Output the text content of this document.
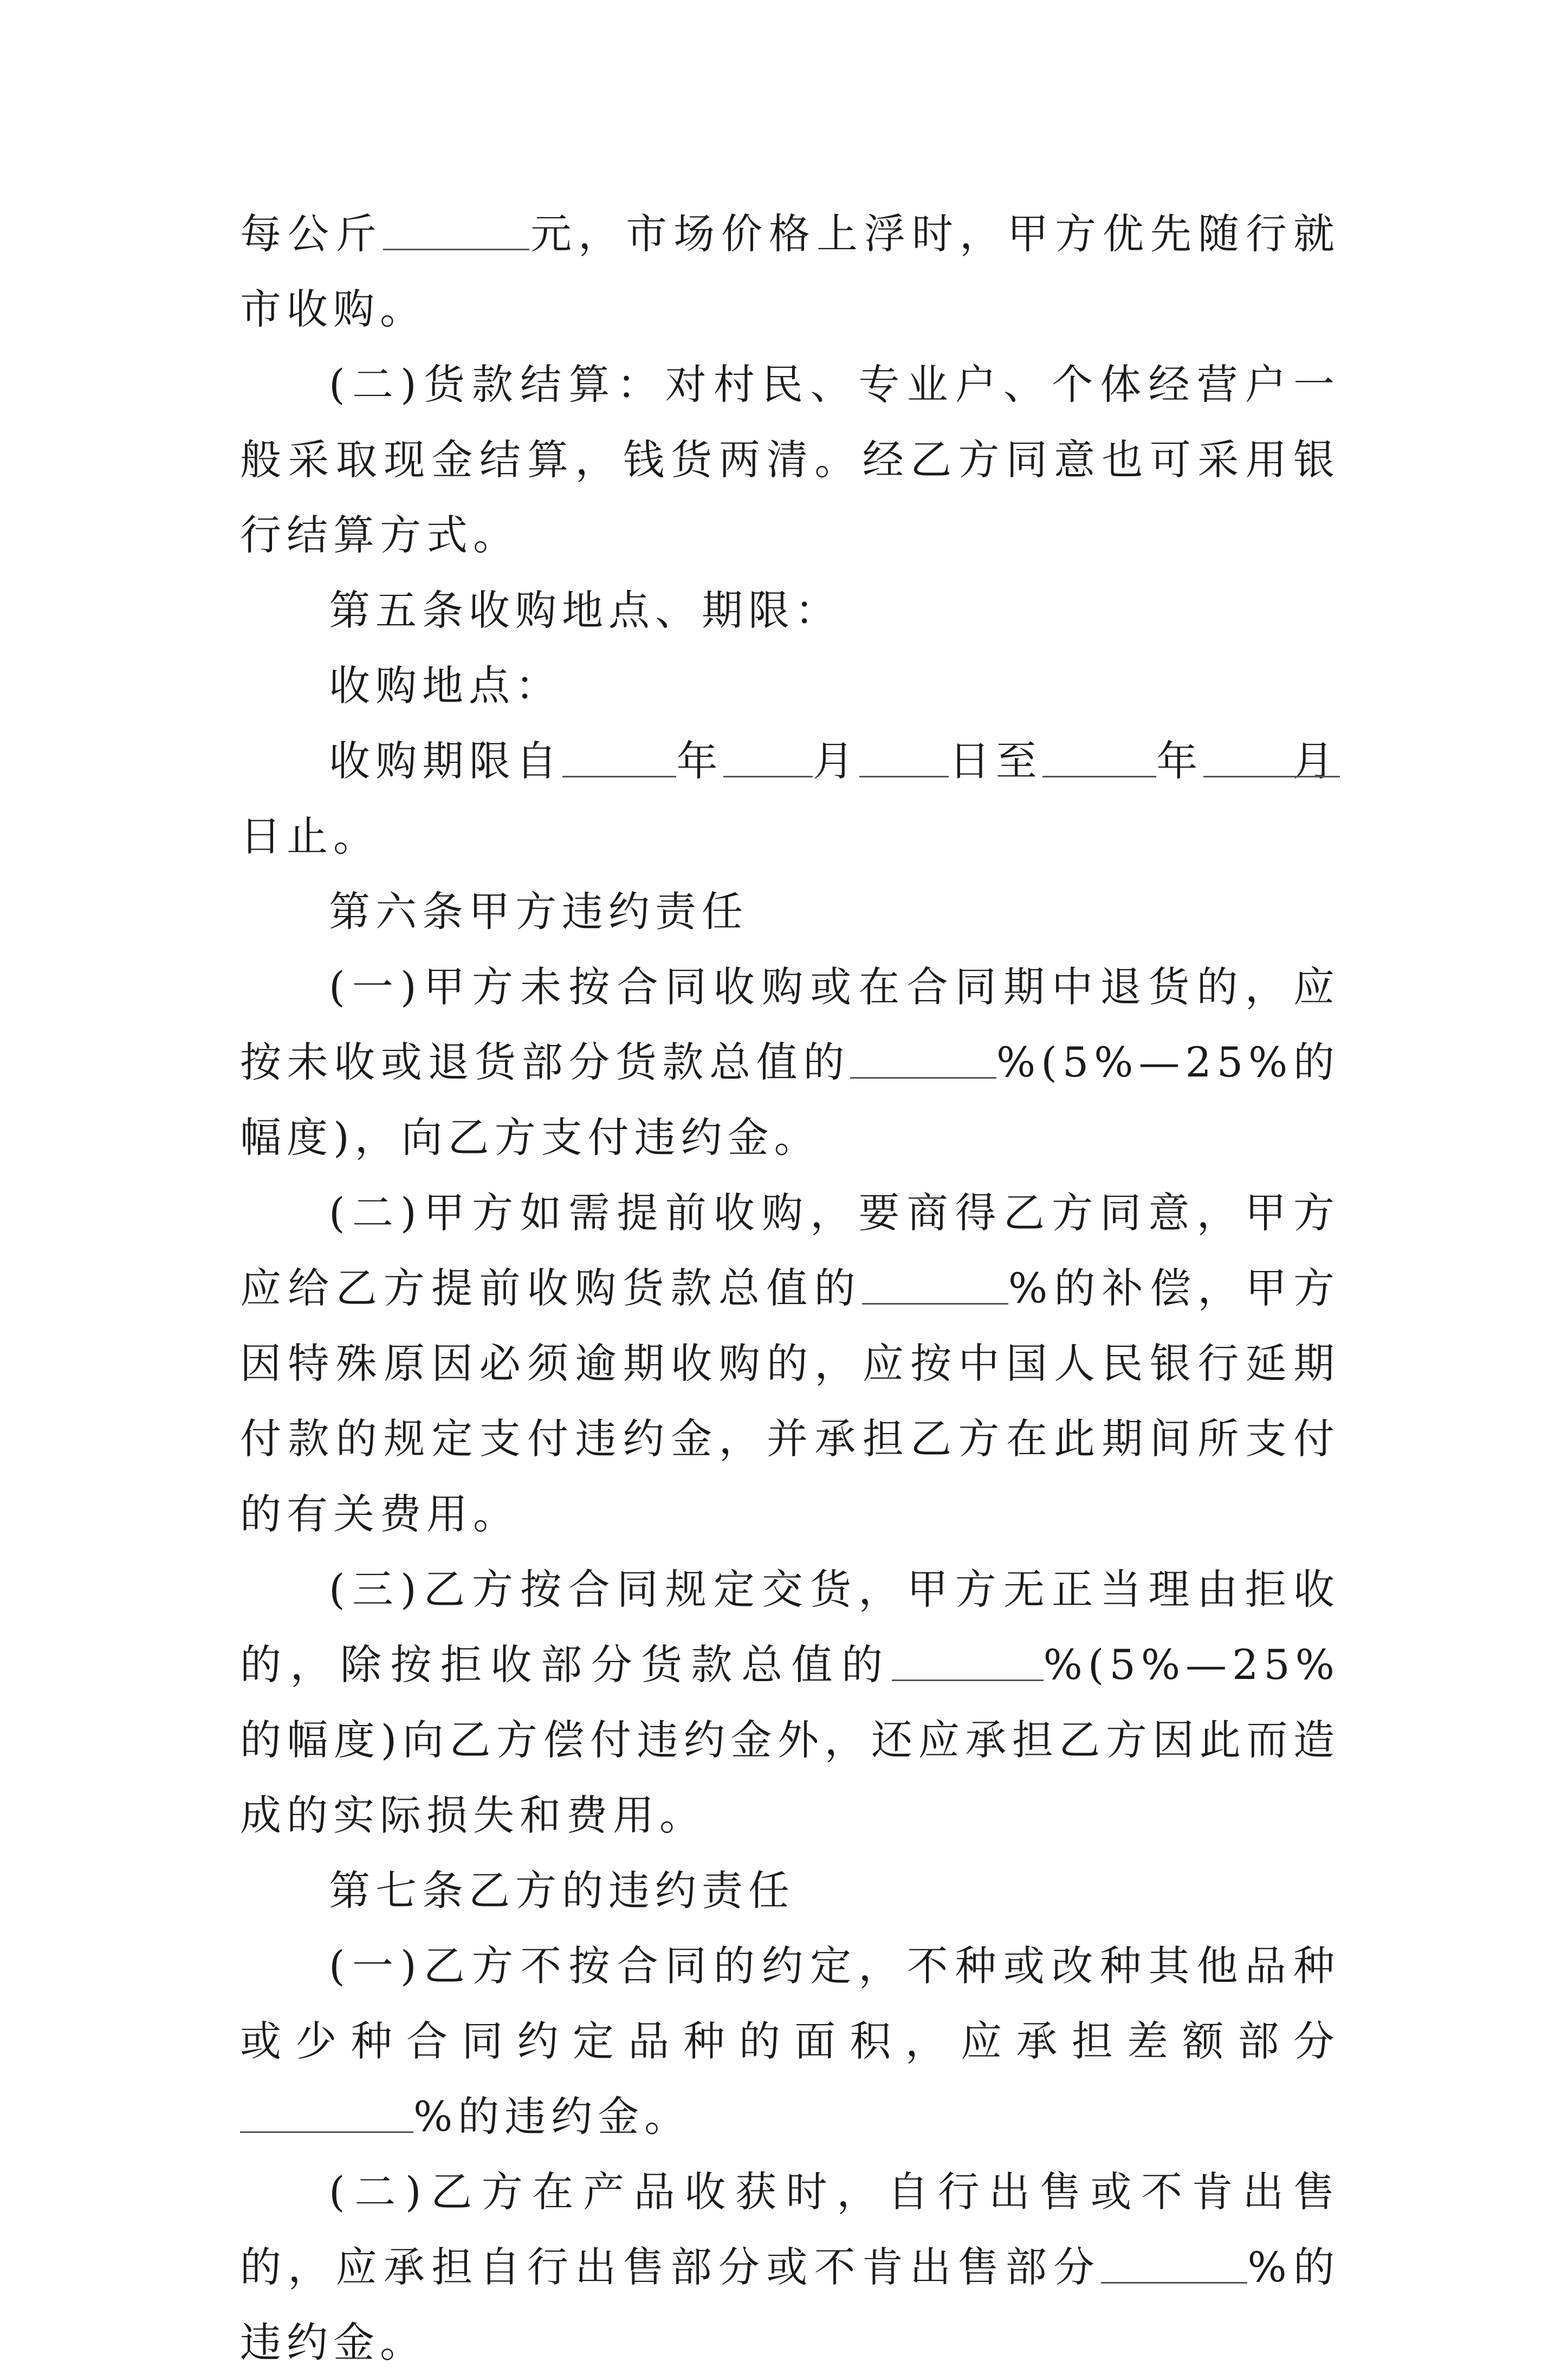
每公斤	元，市场价格上浮时，甲方优先随行就市收购。

(二)货款结算：对村民、专业户、个体经营户一般采取现金结算，钱货两清。经乙方同意也可采用银行结算方式。

第五条收购地点、期限：

收购地点：

收购期限自	年 月 日至	年 月日止。

第六条甲方违约责任

(一)甲方未按合同收购或在合同期中退货的，应按未收或退货部分货款总值的	%(5%—25%的幅度)，向乙方支付违约金。

(二)甲方如需提前收购，要商得乙方同意，甲方应给乙方提前收购货款总值的	%的补偿，甲方因特殊原因必须逾期收购的，应按中国人民银行延期付款的规定支付违约金，并承担乙方在此期间所支付的有关费用。

(三)乙方按合同规定交货，甲方无正当理由拒收的，除按拒收部分货款总值的	%(5%—25%的幅度)向乙方偿付违约金外，还应承担乙方因此而造成的实际损失和费用。

第七条乙方的违约责任

(一)乙方不按合同的约定，不种或改种其他品种或少种合同约定品种的面积，应承担差额部分%的违约金。

(二)乙方在产品收获时，自行出售或不肯出售的，应承担自行出售部分或不肯出售部分	%的违约金。
